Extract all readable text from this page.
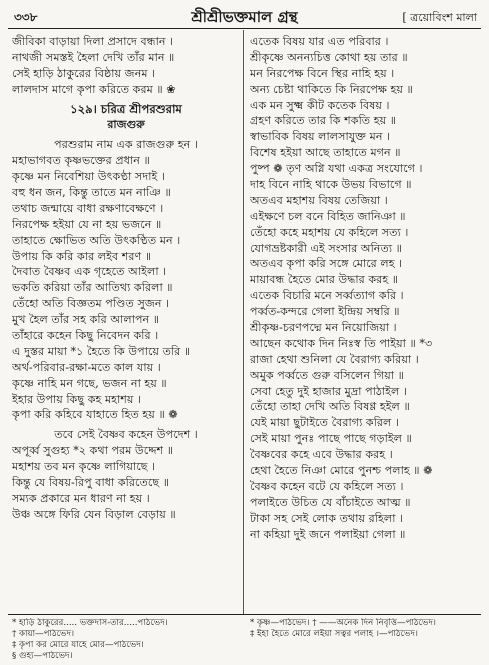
৩৩৮	শ্রীশ্রীভক্তমাল গ্রন্থ	[ ত্রয়োবিংশ মালা
জীবিকা বাড়ায়া দিলা প্রসাদে বন্ধান ।
নাথজী সমস্তই হৈলা দেখি তাঁর মান ॥
সেই হাড়ি ঠাকুরের বিষ্ঠায় জনম ।
লালদাস মাগে কৃপা করিতে করম ॥ ❀
১২৯। চরিত্র শ্রীপরশুরাম
রাজগুরু
পরশুরাম নাম এক রাজগুরু হন ।
মহাভাগবত কৃষ্ণভক্তের প্রধান ॥
কৃষ্ণে মন নিবেশিয়া উৎকণ্ঠা সদাই ।
বহু ধন জন, কিন্তু তাতে মন নাঞি ॥
তথাচ জন্মায়ে বাধা রক্ষণাবেক্ষণে ।
নিরপেক্ষ হইয়া যে না হয় ভজনে ॥
তাহাতে ক্ষোভিত অতি উৎকণ্ঠিত মন ।
উপায় কি করি কার লইব শরণ ॥
দৈবাত বৈষ্ণব এক গৃহেতে আইলা ।
ভকতি করিয়া তাঁর আতিথ্য করিলা ॥
তেঁহো অতি বিজ্ঞতম পণ্ডিত সুজন ।
মুখ হৈল তাঁর সহ করি আলাপন ॥
তাঁহারে কহেন কিছু নিবেদন করি ।
এ দুস্তর মায়া *১ হৈতে কি উপায়ে তরি ॥
অর্থ-পরিবার-রক্ষা-মতে কাল যায় ।
কৃষ্ণে নাহি মন গছে, ভজন না হয় ॥
ইহার উপায় কিছু কহ মহাশয় ।
কৃপা করি কহিবে যাহাতে হিত হয় ॥ ❁
তবে সেই বৈষ্ণব কহেন উপদেশ ।
অপূর্ব্ব সুগুহ্য *২ কথা পরম উদ্দেশ ॥
মহাশয় তব মন কৃষ্ণে লাগিয়াছে ।
কিন্তু যে বিষয়-রিপু বাধা করিতেছে ॥
সম্যক প্রকারে মন ধারণ না হয় ।
উঞ্চ অঙ্গে ফিরি যেন বিড়াল বেড়ায় ॥
এতেক বিষয় যার এত পরিবার ।
শ্রীকৃষ্ণে অনন্যচিত্ত কোথা হয় তার ॥
মন নিরপেক্ষ বিনে স্থির নাহি হয় ।
অন্য চেষ্টা থাকিতে কি নিরপেক্ষ হয় ॥
এক মন সুক্ষ্ম কীট কতেক বিষয় ।
গ্রহণ করিতে তার কি শকতি হয় ॥
স্বাভাবিক বিষয় লালসাযুক্ত মন ।
বিশেষ হইয়া আছে তাহাতে মগন ॥
পুষ্প ❁ তৃণ অগ্নি যথা একত্র সংযোগে ।
দাহ বিনে নাহি থাকে উভয় বিভাগে ॥
অতএব মহাশয় বিষয় তেজিয়া ।
এইক্ষণে চল বনে বিহিত জানিঞা ॥
তেঁহো কহে মহাশয় যে কহিলে সত্য ।
যোগভ্রষ্টকারী এই সংসার অনিত্য ॥
অতএব কৃপা করি সঙ্গে মোরে লহ ।
মায়াবন্ধ হৈতে মোর উদ্ধার করহ ॥
এতেক বিচারি মনে সর্ব্বত্যাগ করি ।
পর্ব্বত-কন্দরে গেলা ইন্দ্রিয় সম্বরি ॥
শ্রীকৃষ্ণ-চরণপদ্মে মন নিয়োজিয়া ।
আছেন কথোক দিন নিঃস্ব তি পাইয়া ॥ *৩
রাজা হেথা শুনিলা যে বৈরাগ্য করিয়া ।
অমুক পর্ব্বতে গুরু বসিলেন গিয়া ॥
সেবা হেতু দুই হাজার মুদ্রা পাঠাইল ।
তেঁহো তাহা দেখি অতি বিষণ্ণ হইল ॥
যেই মায়া ছুটাইতে বৈরাগ্য করিল ।
সেই মায়া পুনঃ পাছে পাছে গড়াইল ॥
বৈষ্ণবের কহে এবে উদ্ধার করহ ।
হেথা হৈতে নিঞা মোরে পুনশ্চ পলাহ ॥ ❁
বৈষ্ণব কহেন বটে যে কহিলে সত্য ।
পলাইতে উচিত যে বাঁচাইতে আত্ম ॥
টাকা সহ সেই লোক তথায় রহিলা ।
না কহিয়া দুই জনে পলাইয়া গেলা ॥
* হাড়ি ঠাকুরের..... ভক্তদাস-তার.....পাঠভেদ।
† কায়া—পাঠভেদ।
‡ কৃপা কর মোরে যাহে মোর—পাঠভেদ।
§ গুহ্য—পাঠভেদ।
* কৃষ্ণ—পাঠভেদ। † ——অনেক দিন নিবৃত্তি—পাঠভেদ।
‡ ইহা হৈতে মোরে লইয়া সত্বর পলাহ ।—পাঠভেদ।
